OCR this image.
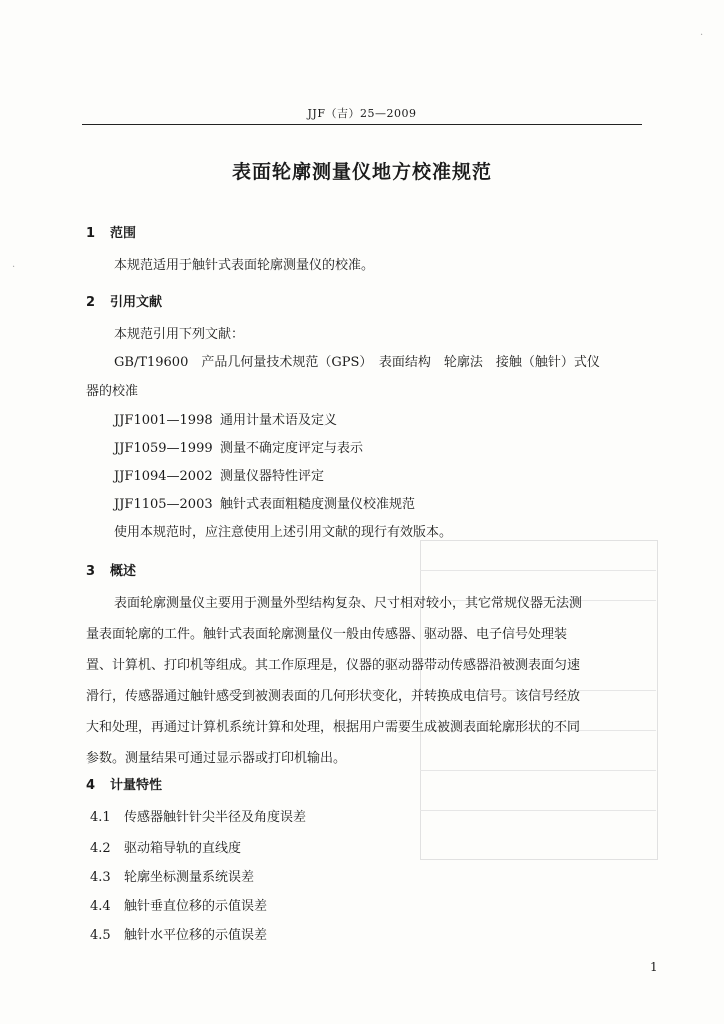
JJF（吉）25—2009
表面轮廓测量仪地方校准规范
1 范围
本规范适用于触针式表面轮廓测量仪的校准。
2 引用文献
本规范引用下列文献：
GB/T19600　产品几何量技术规范（GPS）　表面结构　轮廓法　接触（触针）式仪
器的校准
JJF1001—1998 通用计量术语及定义
JJF1059—1999 测量不确定度评定与表示
JJF1094—2002 测量仪器特性评定
JJF1105—2003 触针式表面粗糙度测量仪校准规范
使用本规范时，应注意使用上述引用文献的现行有效版本。
3 概述
表面轮廓测量仪主要用于测量外型结构复杂、尺寸相对较小，其它常规仪器无法测
量表面轮廓的工件。触针式表面轮廓测量仪一般由传感器、驱动器、电子信号处理装
置、计算机、打印机等组成。其工作原理是，仪器的驱动器带动传感器沿被测表面匀速
滑行，传感器通过触针感受到被测表面的几何形状变化，并转换成电信号。该信号经放
大和处理，再通过计算机系统计算和处理，根据用户需要生成被测表面轮廓形状的不同
参数。测量结果可通过显示器或打印机输出。
4 计量特性
4.1 传感器触针针尖半径及角度误差
4.2 驱动箱导轨的直线度
4.3 轮廓坐标测量系统误差
4.4 触针垂直位移的示值误差
4.5 触针水平位移的示值误差
1
·
·
